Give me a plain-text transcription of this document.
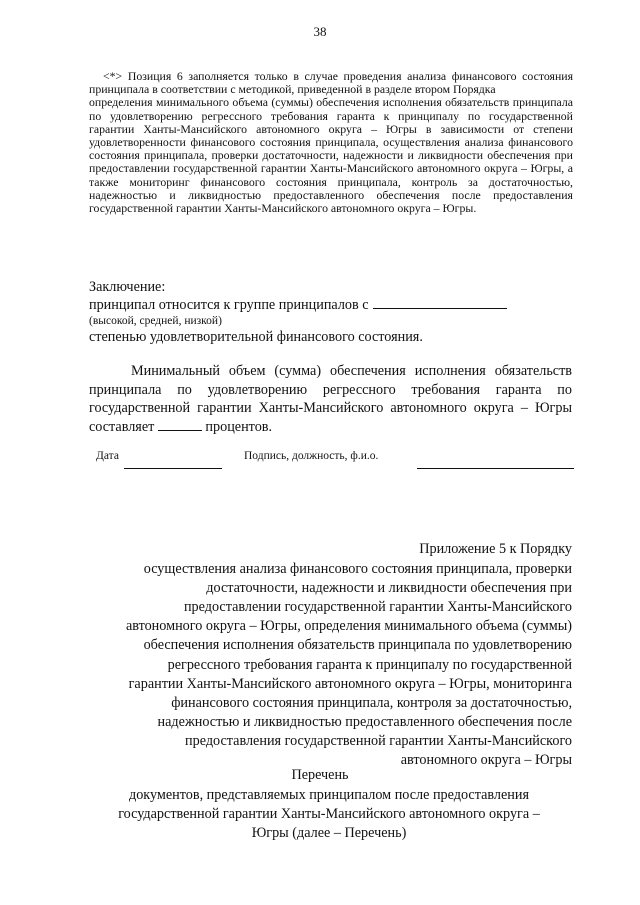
38

<*> Позиция 6 заполняется только в случае проведения анализа финансового состояния принципала в соответствии с методикой, приведенной в разделе втором Порядка

определения минимального объема (суммы) обеспечения исполнения обязательств принципала по удовлетворению регрессного требования гаранта к принципалу по государственной гарантии Ханты-Мансийского автономного округа – Югры в зависимости от степени удовлетворенности финансового состояния принципала, осуществления анализа финансового состояния принципала, проверки достаточности, надежности и ликвидности обеспечения при предоставлении государственной гарантии Ханты-Мансийского автономного округа – Югры, а также мониторинг финансового состояния принципала, контроль за достаточностью, надежностью и ликвидностью предоставленного обеспечения после предоставления государственной гарантии Ханты-Мансийского автономного округа – Югры.

Заключение:

принципал относится к группе принципалов с

(высокой, средней, низкой)

степенью удовлетворительной финансового состояния.

Минимальный объем (сумма) обеспечения исполнения обязательств принципала по удовлетворению регрессного требования гаранта по государственной гарантии Ханты-Мансийского автономного округа – Югры составляет	процентов.

Дата	Подпись, должность, ф.и.о.

Приложение 5 к Порядку

осуществления анализа финансового состояния принципала, проверки

достаточности, надежности и ликвидности обеспечения при

предоставлении государственной гарантии Ханты-Мансийского

автономного округа – Югры, определения минимального объема (суммы)

обеспечения исполнения обязательств принципала по удовлетворению

регрессного требования гаранта к принципалу по государственной

гарантии Ханты-Мансийского автономного округа – Югры, мониторинга

финансового состояния принципала, контроля за достаточностью,

надежностью и ликвидностью предоставленного обеспечения после

предоставления государственной гарантии Ханты-Мансийского

автономного округа – Югры

Перечень

документов, представляемых принципалом после предоставления

государственной гарантии Ханты-Мансийского автономного округа –

Югры (далее – Перечень)
